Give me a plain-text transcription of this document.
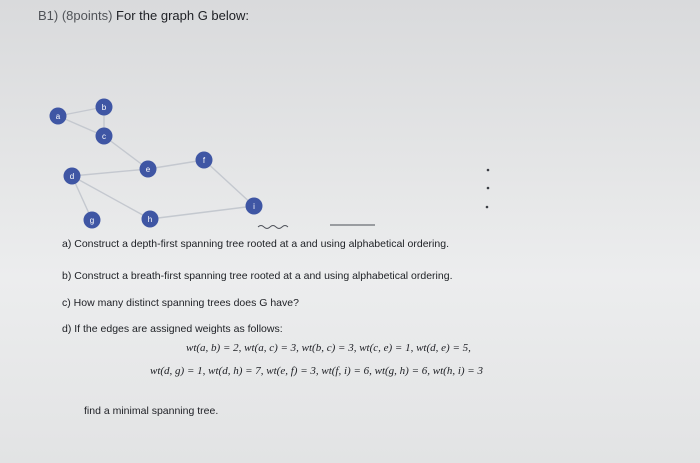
B1) (8points) For the graph G below:
a
b
c
d
e
f
g	h
i
a) Construct a depth-first spanning tree rooted at a and using alphabetical ordering.
b) Construct a breath-first spanning tree rooted at a and using alphabetical ordering.
c) How many distinct spanning trees does G have?
d) If the edges are assigned weights as follows:
wt(a, b) = 2, wt(a, c) = 3, wt(b, c) = 3, wt(c, e) = 1, wt(d, e) = 5,
wt(d, g) = 1, wt(d, h) = 7, wt(e, f) = 3, wt(f, i) = 6, wt(g, h) = 6, wt(h, i) = 3
find a minimal spanning tree.
